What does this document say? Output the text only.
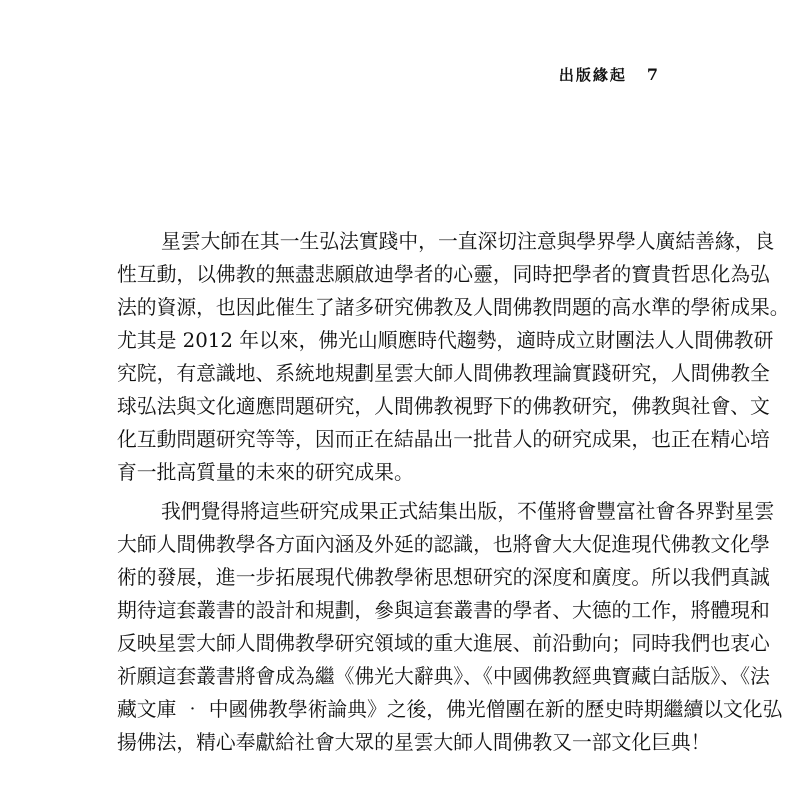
出版緣起 7
星雲大師在其一生弘法實踐中，一直深切注意與學界學人廣結善緣，良
性互動，以佛教的無盡悲願啟迪學者的心靈，同時把學者的寶貴哲思化為弘
法的資源，也因此催生了諸多研究佛教及人間佛教問題的高水準的學術成果。
尤其是 2012 年以來，佛光山順應時代趨勢，適時成立財團法人人間佛教研
究院，有意識地、系統地規劃星雲大師人間佛教理論實踐研究，人間佛教全
球弘法與文化適應問題研究，人間佛教視野下的佛教研究，佛教與社會、文
化互動問題研究等等，因而正在結晶出一批昔人的研究成果，也正在精心培
育一批高質量的未來的研究成果。
我們覺得將這些研究成果正式結集出版，不僅將會豐富社會各界對星雲
大師人間佛教學各方面內涵及外延的認識，也將會大大促進現代佛教文化學
術的發展，進一步拓展現代佛教學術思想研究的深度和廣度。所以我們真誠
期待這套叢書的設計和規劃，參與這套叢書的學者、大德的工作，將體現和
反映星雲大師人間佛教學研究領域的重大進展、前沿動向；同時我們也衷心
祈願這套叢書將會成為繼《佛光大辭典》、《中國佛教經典寶藏白話版》、《法
藏文庫 ‧ 中國佛教學術論典》之後，佛光僧團在新的歷史時期繼續以文化弘
揚佛法，精心奉獻給社會大眾的星雲大師人間佛教又一部文化巨典！
